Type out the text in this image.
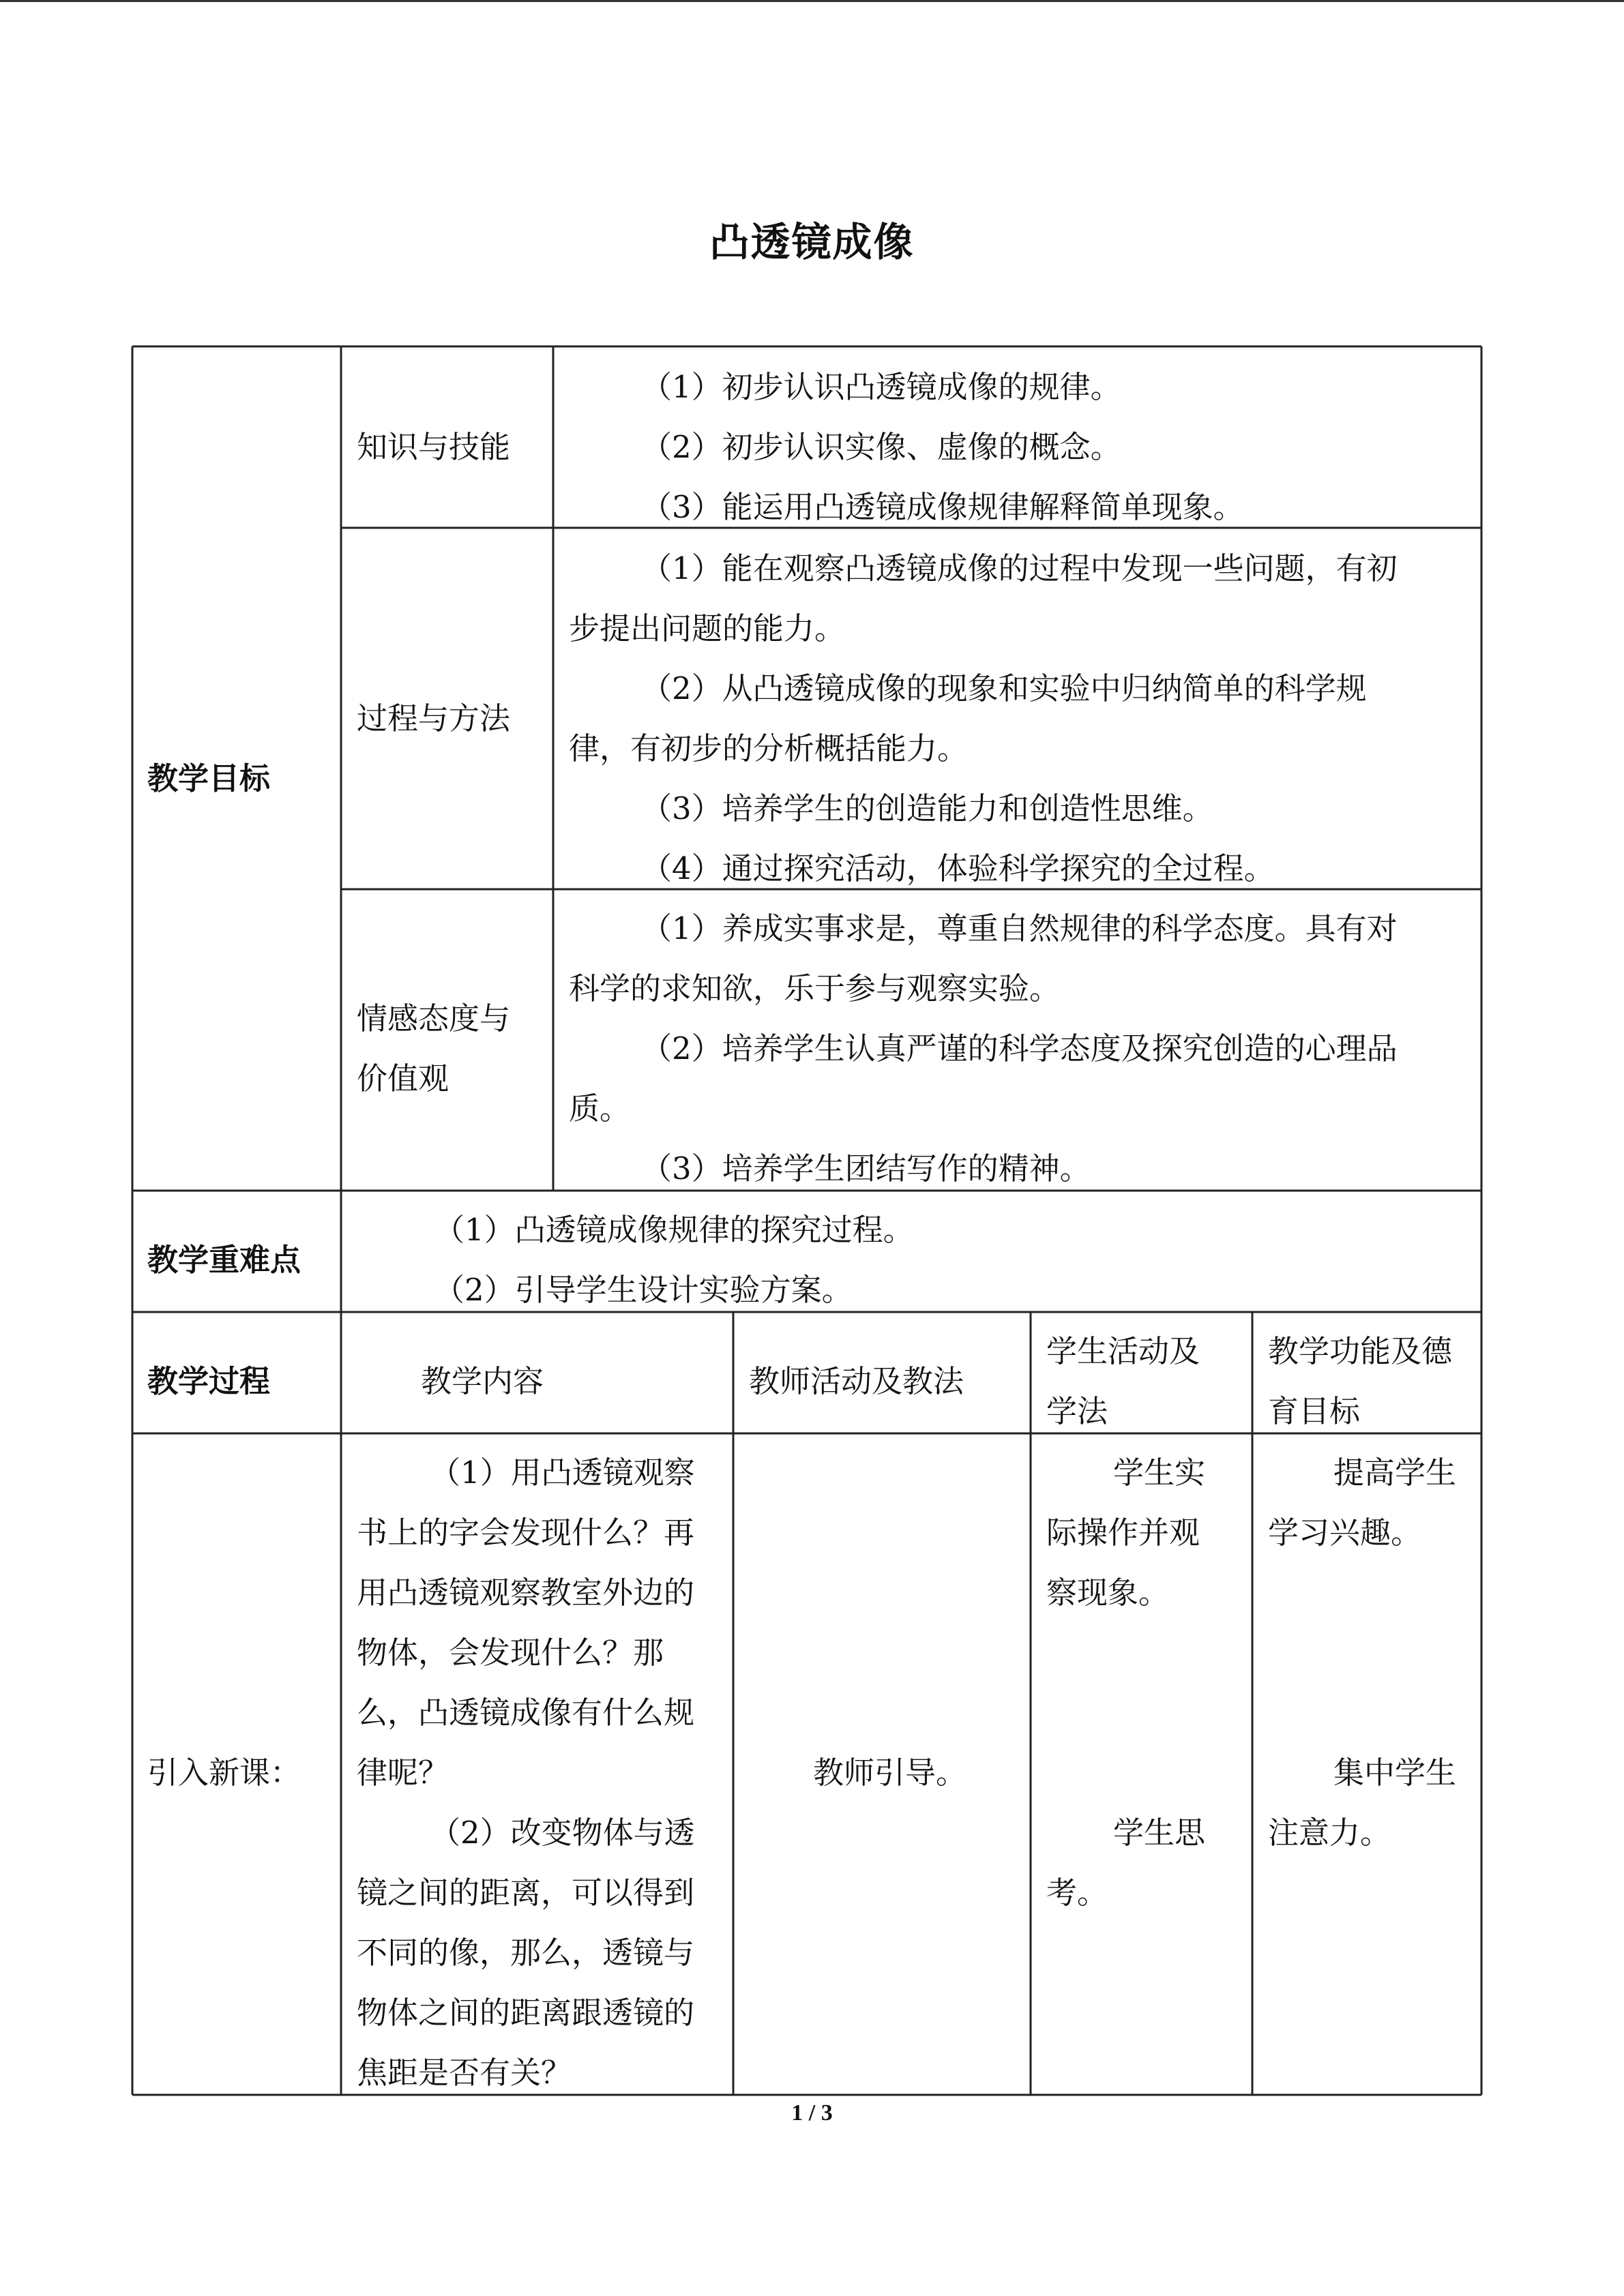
凸透镜成像
教学目标
知识与技能
（1）初步认识凸透镜成像的规律。
（2）初步认识实像、虚像的概念。
（3）能运用凸透镜成像规律解释简单现象。
过程与方法
（1）能在观察凸透镜成像的过程中发现一些问题，有初
步提出问题的能力。
（2）从凸透镜成像的现象和实验中归纳简单的科学规
律，有初步的分析概括能力。
（3）培养学生的创造能力和创造性思维。
（4）通过探究活动，体验科学探究的全过程。
情感态度与
价值观
（1）养成实事求是，尊重自然规律的科学态度。具有对
科学的求知欲，乐于参与观察实验。
（2）培养学生认真严谨的科学态度及探究创造的心理品
质。
（3）培养学生团结写作的精神。
教学重难点
（1）凸透镜成像规律的探究过程。
（2）引导学生设计实验方案。
教学过程	教学内容	教师活动及教法
学生活动及
学法
教学功能及德
育目标
引入新课：
（1）用凸透镜观察
书上的字会发现什么？再
用凸透镜观察教室外边的
物体，会发现什么？那
么，凸透镜成像有什么规
律呢？
（2）改变物体与透
镜之间的距离，可以得到
不同的像，那么，透镜与
物体之间的距离跟透镜的
焦距是否有关？
教师引导。
学生实
际操作并观
察现象。
学生思
考。
提高学生
学习兴趣。
集中学生
注意力。
1 / 3
